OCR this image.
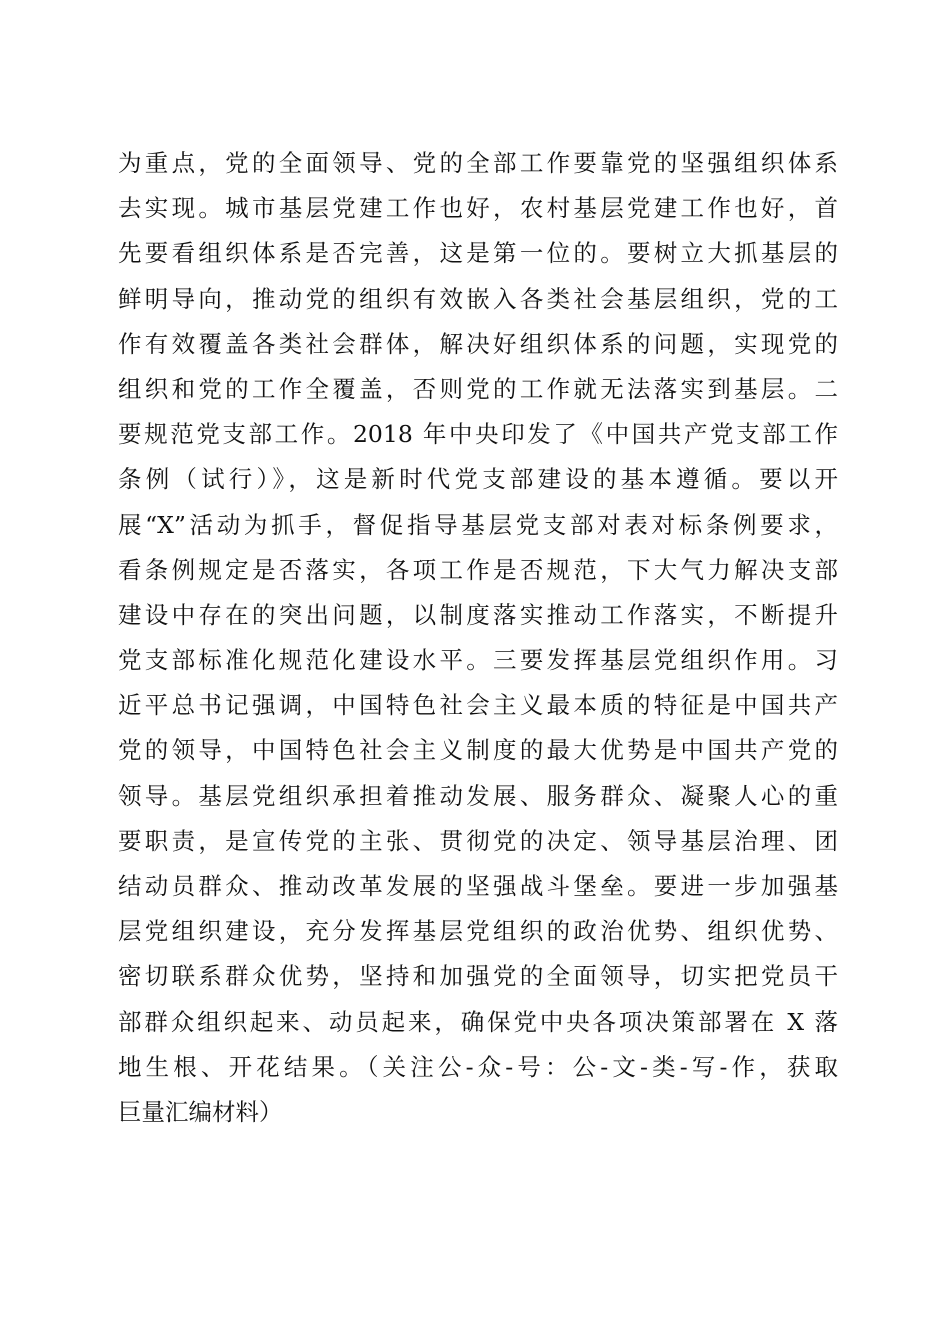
为重点，党的全面领导、党的全部工作要靠党的坚强组织体系
去实现。城市基层党建工作也好，农村基层党建工作也好，首
先要看组织体系是否完善，这是第一位的。要树立大抓基层的
鲜明导向，推动党的组织有效嵌入各类社会基层组织，党的工
作有效覆盖各类社会群体，解决好组织体系的问题，实现党的
组织和党的工作全覆盖，否则党的工作就无法落实到基层。二
要规范党支部工作。2018 年中央印发了《中国共产党支部工作
条例（试行）》，这是新时代党支部建设的基本遵循。要以开
展“X”活动为抓手，督促指导基层党支部对表对标条例要求，
看条例规定是否落实，各项工作是否规范，下大气力解决支部
建设中存在的突出问题，以制度落实推动工作落实，不断提升
党支部标准化规范化建设水平。三要发挥基层党组织作用。习
近平总书记强调，中国特色社会主义最本质的特征是中国共产
党的领导，中国特色社会主义制度的最大优势是中国共产党的
领导。基层党组织承担着推动发展、服务群众、凝聚人心的重
要职责，是宣传党的主张、贯彻党的决定、领导基层治理、团
结动员群众、推动改革发展的坚强战斗堡垒。要进一步加强基
层党组织建设，充分发挥基层党组织的政治优势、组织优势、
密切联系群众优势，坚持和加强党的全面领导，切实把党员干
部群众组织起来、动员起来，确保党中央各项决策部署在 X 落
地生根、开花结果。（关注公-众-号：公-文-类-写-作，获取
巨量汇编材料）
